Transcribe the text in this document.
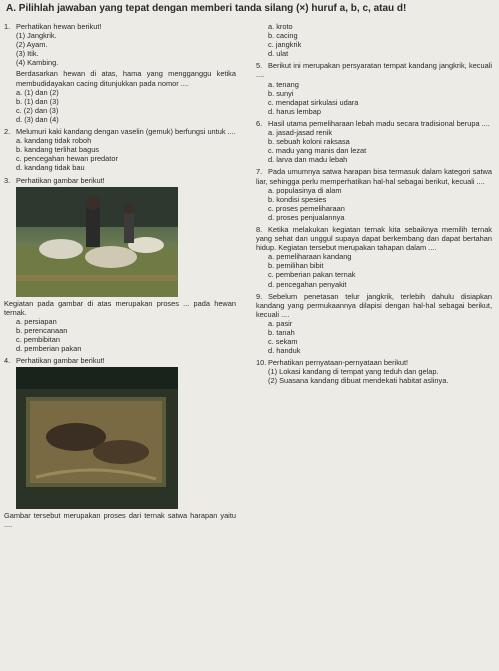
A. Pilihlah jawaban yang tepat dengan memberi tanda silang (×) huruf a, b, c, atau d!
1. Perhatikan hewan berikut!
(1) Jangkrik.
(2) Ayam.
(3) Itik.
(4) Kambing.
Berdasarkan hewan di atas, hama yang mengganggu ketika membudidayakan cacing ditunjukkan pada nomor ....
a. (1) dan (2)
b. (1) dan (3)
c. (2) dan (3)
d. (3) dan (4)
2. Melumuri kaki kandang dengan vaselin (gemuk) berfungsi untuk ....
a. kandang tidak roboh
b. kandang terlihat bagus
c. pencegahan hewan predator
d. kandang tidak bau
3. Perhatikan gambar berikut!
Kegiatan pada gambar di atas merupakan proses ... pada hewan ternak.
a. persiapan
b. perencanaan
c. pembibitan
d. pemberian pakan
4. Perhatikan gambar berikut!
Gambar tersebut merupakan proses dari ternak satwa harapan yaitu ....
a. kroto
b. cacing
c. jangkrik
d. ulat
5. Berikut ini merupakan persyaratan tempat kandang jangkrik, kecuali ....
a. tenang
b. sunyi
c. mendapat sirkulasi udara
d. harus lembap
6. Hasil utama pemeliharaan lebah madu secara tradisional berupa ....
a. jasad-jasad renik
b. sebuah koloni raksasa
c. madu yang manis dan lezat
d. larva dan madu lebah
7. Pada umumnya satwa harapan bisa termasuk dalam kategori satwa liar, sehingga perlu memperhatikan hal-hal sebagai berikut, kecuali ....
a. populasinya di alam
b. kondisi spesies
c. proses pemeliharaan
d. proses penjualannya
8. Ketika melakukan kegiatan ternak kita sebaiknya memilih ternak yang sehat dan unggul supaya dapat berkembang dan dapat bertahan hidup. Kegiatan tersebut merupakan tahapan dalam ....
a. pemeliharaan kandang
b. pemilihan bibit
c. pemberian pakan ternak
d. pencegahan penyakit
9. Sebelum penetasan telur jangkrik, terlebih dahulu disiapkan kandang yang permukaannya dilapisi dengan hal-hal sebagai berikut, kecuali ....
a. pasir
b. tanah
c. sekam
d. handuk
10. Perhatikan pernyataan-pernyataan berikut!
(1) Lokasi kandang di tempat yang teduh dan gelap.
(2) Suasana kandang dibuat mendekati habitat aslinya.
